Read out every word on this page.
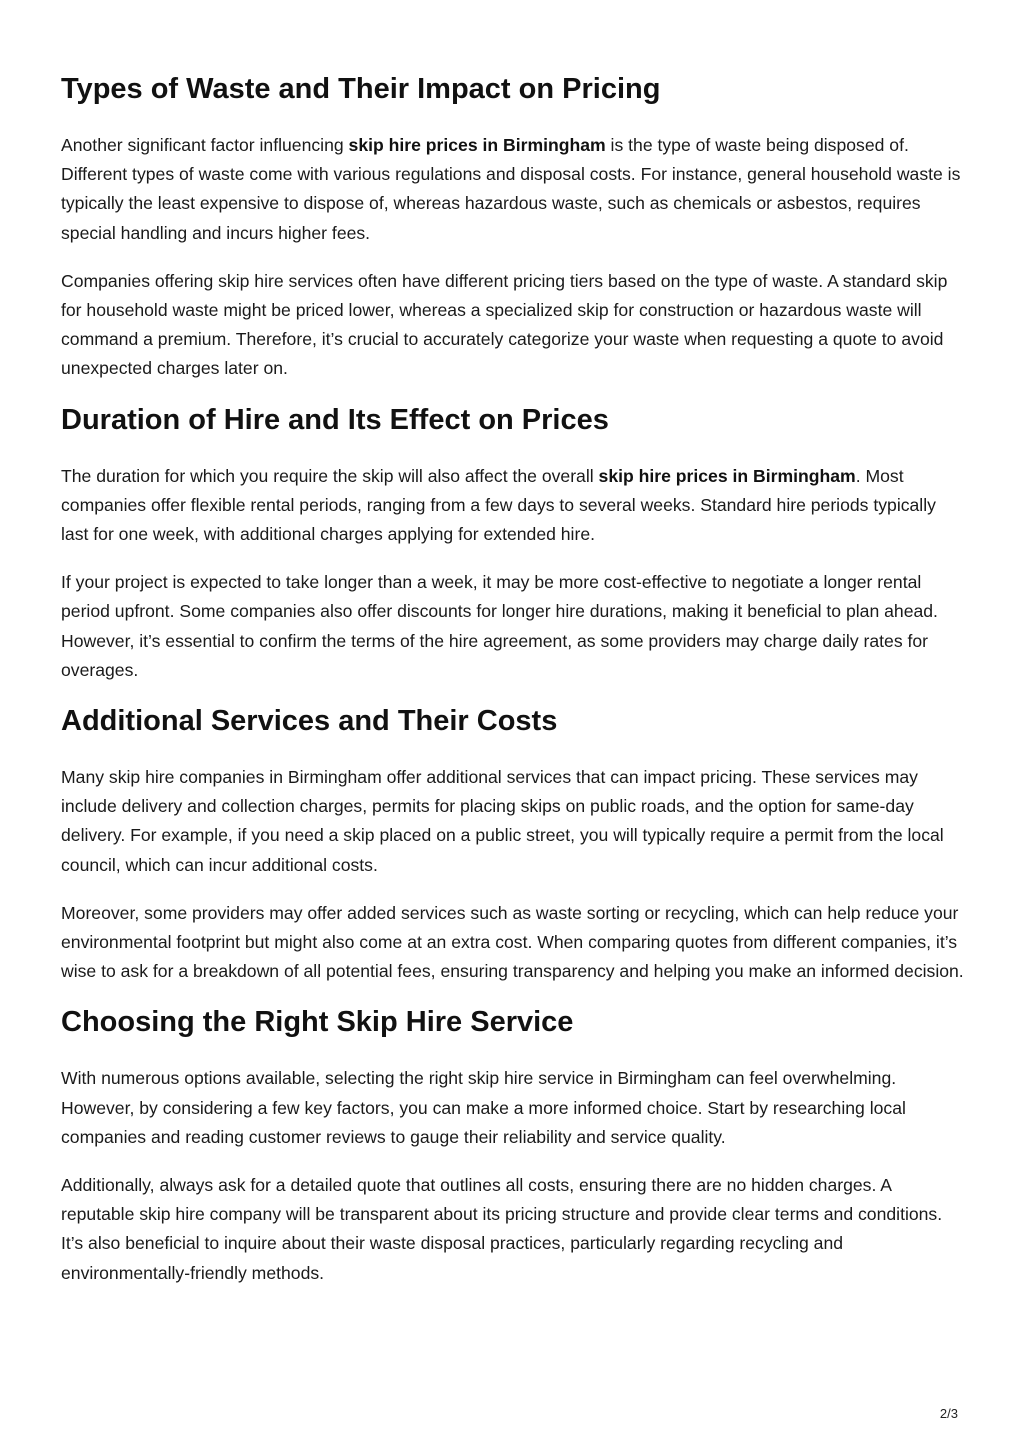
Types of Waste and Their Impact on Pricing

Another significant factor influencing skip hire prices in Birmingham is the type of waste being disposed of. Different types of waste come with various regulations and disposal costs. For instance, general household waste is typically the least expensive to dispose of, whereas hazardous waste, such as chemicals or asbestos, requires special handling and incurs higher fees.

Companies offering skip hire services often have different pricing tiers based on the type of waste. A standard skip for household waste might be priced lower, whereas a specialized skip for construction or hazardous waste will command a premium. Therefore, it’s crucial to accurately categorize your waste when requesting a quote to avoid unexpected charges later on.

Duration of Hire and Its Effect on Prices

The duration for which you require the skip will also affect the overall skip hire prices in Birmingham. Most companies offer flexible rental periods, ranging from a few days to several weeks. Standard hire periods typically last for one week, with additional charges applying for extended hire.

If your project is expected to take longer than a week, it may be more cost-effective to negotiate a longer rental period upfront. Some companies also offer discounts for longer hire durations, making it beneficial to plan ahead. However, it’s essential to confirm the terms of the hire agreement, as some providers may charge daily rates for overages.

Additional Services and Their Costs

Many skip hire companies in Birmingham offer additional services that can impact pricing. These services may include delivery and collection charges, permits for placing skips on public roads, and the option for same-day delivery. For example, if you need a skip placed on a public street, you will typically require a permit from the local council, which can incur additional costs.

Moreover, some providers may offer added services such as waste sorting or recycling, which can help reduce your environmental footprint but might also come at an extra cost. When comparing quotes from different companies, it’s wise to ask for a breakdown of all potential fees, ensuring transparency and helping you make an informed decision.

Choosing the Right Skip Hire Service

With numerous options available, selecting the right skip hire service in Birmingham can feel overwhelming. However, by considering a few key factors, you can make a more informed choice. Start by researching local companies and reading customer reviews to gauge their reliability and service quality.

Additionally, always ask for a detailed quote that outlines all costs, ensuring there are no hidden charges. A reputable skip hire company will be transparent about its pricing structure and provide clear terms and conditions. It’s also beneficial to inquire about their waste disposal practices, particularly regarding recycling and environmentally-friendly methods.

2/3
